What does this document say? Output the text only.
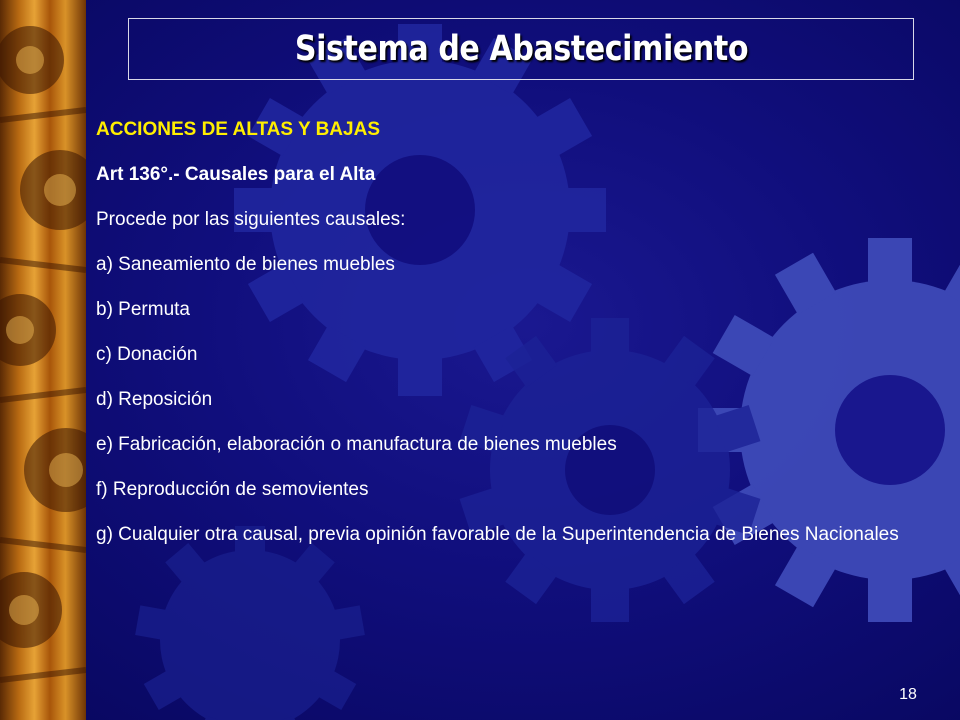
Sistema de Abastecimiento

ACCIONES DE ALTAS Y BAJAS

Art 136°.- Causales para el Alta

Procede por las siguientes causales:

a) Saneamiento de bienes muebles

b) Permuta

c) Donación

d) Reposición

e) Fabricación, elaboración o manufactura de bienes muebles

f) Reproducción de semovientes

g) Cualquier otra causal, previa opinión favorable de la Superintendencia de Bienes Nacionales

18
